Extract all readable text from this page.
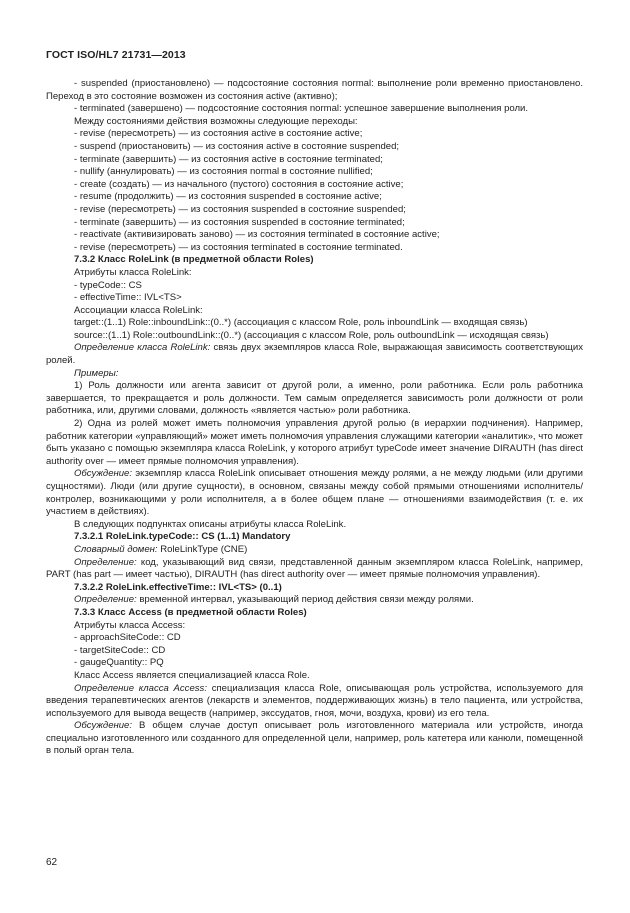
ГОСТ ISO/HL7 21731—2013

- suspended (приостановлено) — подсостояние состояния normal: выполнение роли временно приостановлено. Переход в это состояние возможен из состояния active (активно);

- terminated (завершено) — подсостояние состояния normal: успешное завершение выполнения роли.

Между состояниями действия возможны следующие переходы:

- revise (пересмотреть) — из состояния active в состояние active;

- suspend (приостановить) — из состояния active в состояние suspended;

- terminate (завершить) — из состояния active в состояние terminated;

- nullify (аннулировать) — из состояния normal в состояние nullified;

- create (создать) — из начального (пустого) состояния в состояние active;

- resume (продолжить) — из состояния suspended в состояние active;

- revise (пересмотреть) — из состояния suspended в состояние suspended;

- terminate (завершить) — из состояния suspended в состояние terminated;

- reactivate (активизировать заново) — из состояния terminated в состояние active;

- revise (пересмотреть) — из состояния terminated в состояние terminated.

7.3.2 Класс RoleLink (в предметной области Roles)

Атрибуты класса RoleLink:

- typeCode:: CS

- effectiveTime:: IVL<TS>

Ассоциации класса RoleLink:

target::(1..1) Role::inboundLink::(0..*) (ассоциация с классом Role, роль inboundLink — входящая связь)

source::(1..1) Role::outboundLink::(0..*) (ассоциация с классом Role, роль outboundLink — исходящая связь)

Определение класса RoleLink: связь двух экземпляров класса Role, выражающая зависимость соответствующих ролей.

Примеры:

1) Роль должности или агента зависит от другой роли, а именно, роли работника. Если роль работника завершается, то прекращается и роль должности. Тем самым определяется зависимость роли должности от роли работника, или, другими словами, должность «является частью» роли работника.

2) Одна из ролей может иметь полномочия управления другой ролью (в иерархии подчинения). Например, работник категории «управляющий» может иметь полномочия управления служащими категории «аналитик», что может быть указано с помощью экземпляра класса RoleLink, у которого атрибут typeCode имеет значение DIRAUTH (has direct authority over — имеет прямые полномочия управления).

Обсуждение: экземпляр класса RoleLink описывает отношения между ролями, а не между людьми (или другими сущностями). Люди (или другие сущности), в основном, связаны между собой прямыми отношениями исполнитель/контролер, возникающими у роли исполнителя, а в более общем плане — отношениями взаимодействия (т. е. их участием в действиях).

В следующих подпунктах описаны атрибуты класса RoleLink.

7.3.2.1 RoleLink.typeCode:: CS (1..1) Mandatory

Словарный домен: RoleLinkType (CNE)

Определение: код, указывающий вид связи, представленной данным экземпляром класса RoleLink, например, PART (has part — имеет частью), DIRAUTH (has direct authority over — имеет прямые полномочия управления).

7.3.2.2 RoleLink.effectiveTime:: IVL<TS> (0..1)

Определение: временной интервал, указывающий период действия связи между ролями.

7.3.3 Класс Access (в предметной области Roles)

Атрибуты класса Access:

- approachSiteCode:: CD

- targetSiteCode:: CD

- gaugeQuantity:: PQ

Класс Access является специализацией класса Role.

Определение класса Access: специализация класса Role, описывающая роль устройства, используемого для введения терапевтических агентов (лекарств и элементов, поддерживающих жизнь) в тело пациента, или устройства, используемого для вывода веществ (например, экссудатов, гноя, мочи, воздуха, крови) из его тела.

Обсуждение: В общем случае доступ описывает роль изготовленного материала или устройств, иногда специально изготовленного или созданного для определенной цели, например, роль катетера или канюли, помещенной в полый орган тела.

62
